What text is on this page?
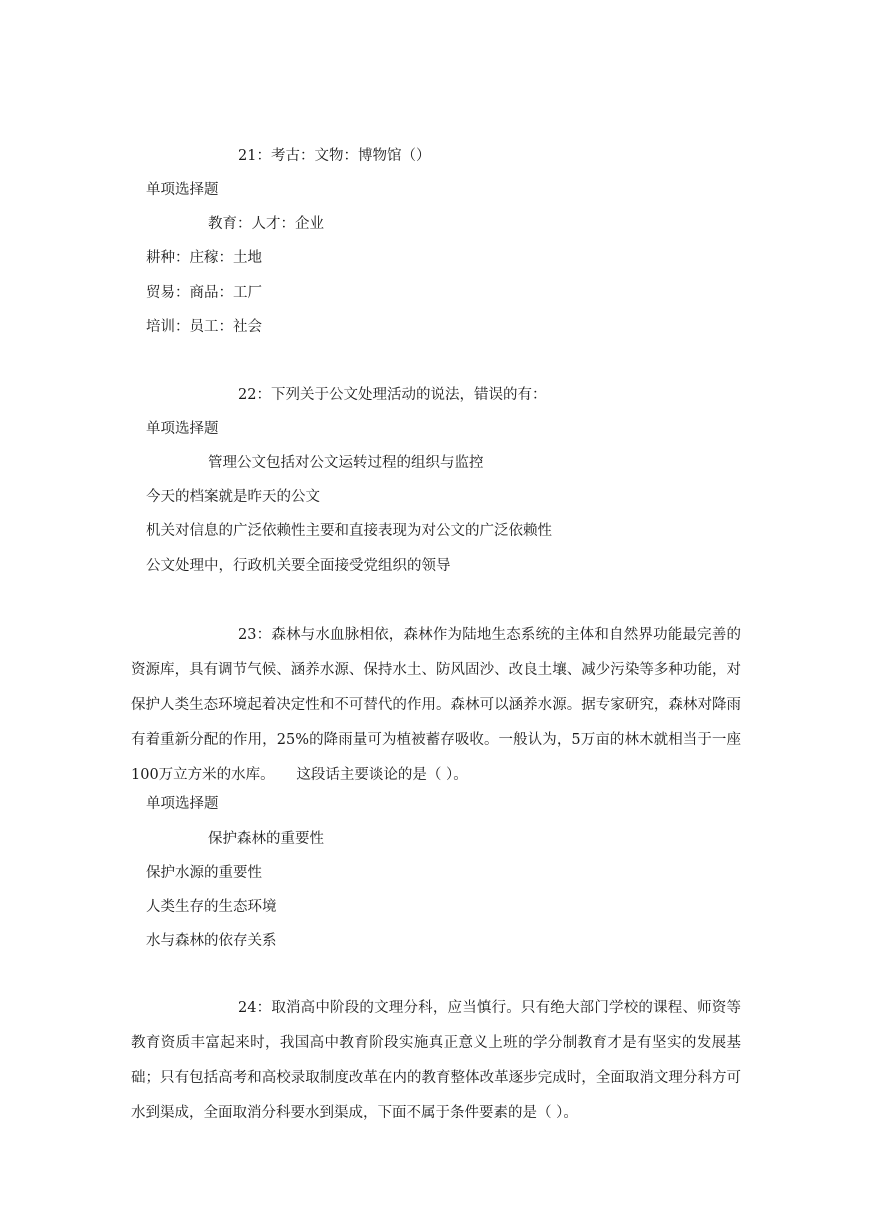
21：考古：文物：博物馆（）
单项选择题
教育：人才：企业
耕种：庄稼：土地
贸易：商品：工厂
培训：员工：社会
22：下列关于公文处理活动的说法，错误的有：
单项选择题
管理公文包括对公文运转过程的组织与监控
今天的档案就是昨天的公文
机关对信息的广泛依赖性主要和直接表现为对公文的广泛依赖性
公文处理中，行政机关要全面接受党组织的领导
23：森林与水血脉相依，森林作为陆地生态系统的主体和自然界功能最完善的资源库，具有调节气候、涵养水源、保持水土、防风固沙、改良土壤、减少污染等多种功能，对保护人类生态环境起着决定性和不可替代的作用。森林可以涵养水源。据专家研究，森林对降雨有着重新分配的作用，25%的降雨量可为植被蓄存吸收。一般认为，5万亩的林木就相当于一座100万立方米的水库。　　这段话主要谈论的是（ ）。
单项选择题
保护森林的重要性
保护水源的重要性
人类生存的生态环境
水与森林的依存关系
24：取消高中阶段的文理分科，应当慎行。只有绝大部门学校的课程、师资等教育资质丰富起来时，我国高中教育阶段实施真正意义上班的学分制教育才是有坚实的发展基础；只有包括高考和高校录取制度改革在内的教育整体改革逐步完成时，全面取消文理分科方可水到渠成，全面取消分科要水到渠成，下面不属于条件要素的是（ ）。
